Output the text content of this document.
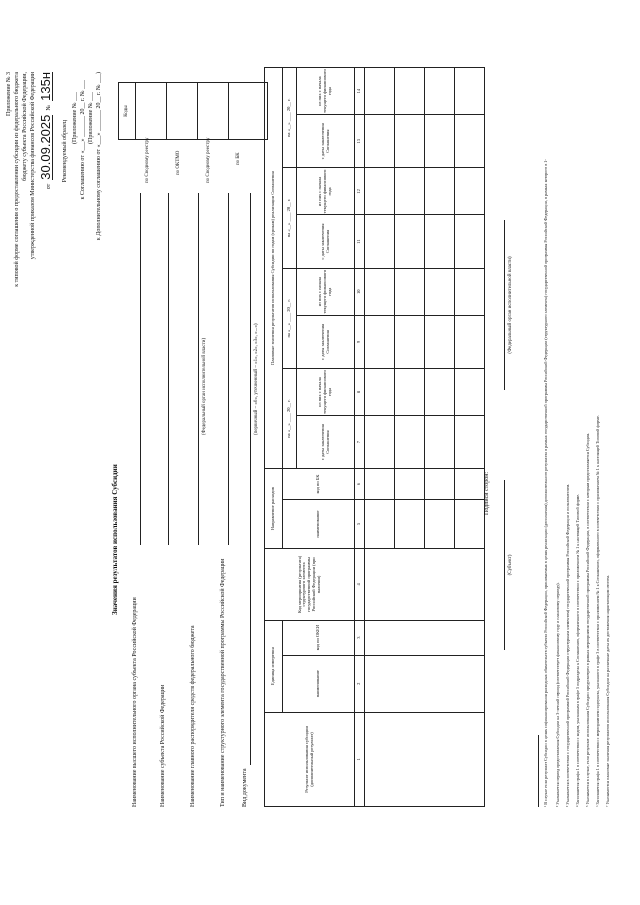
Приложение № 3 к типовой форме соглашения о предоставлении субсидии из федерального бюджета бюджету субъекта Российской Федерации, утвержденной приказом Министерства финансов Российской Федерации от
30.09.2025
№
135н
Рекомендуемый образец
(Приложение № ___ к Соглашению от «___» _______ 20__ г. № ___ (Приложение № ___ к Дополнительному соглашению от «___» _______ 20__ г. № ___)
Значения результатов использования Субсидии
Коды
по Сводному реестру	по ОКТМО	по Сводному реестру	по БК
Наименование высшего исполнительного органа субъекта Российской Федерации	Наименование субъекта Российской Федерации	Наименование главного распорядителя средств федерального бюджета
(Федеральный орган исполнительной власти)
Тип и наименование структурного элемента государственной программы Российской Федерации	Вид документа
(первичный – «0», уточненный – «1», «2», «3», «...»)
Результат использования субсидии (дополнительный результат)	Единица измерения		Код мероприятия (результата) структурного элемента государственной программы Российской Федерации (при наличии)	Направление расходов		Плановые значения результатов использования Субсидии по годам (срокам) реализации Соглашения							
	наименование	код по ОКЕИ		наименование	код по БК	на «__» ____ 20__ г.		на «__» ____ 20__ г.		на «__» ____ 20__ г.		на «__» ____ 20__ г.	
						с даты заключения Соглашения	из них с начала текущего финансового года	с даты заключения Соглашения	из них с начала текущего финансового года	с даты заключения Соглашения	из них с начала текущего финансового года	с даты заключения Соглашения	из них с начала текущего финансового года
1	2	3	4	5	6	7	8	9	10	11	12	13	14

Подписи сторон:
(Субъект)
(Федеральный орган исполнительной власти)	¹ В случае если результат Субсидии в целях софинансирования расходных обязательств субъекта Российской Федерации, принимаемых в целях реализации (дополнения) дополнительного результата в рамках государственной программы Российской Федерации (структурного элемента) государственной программы Российской Федерации, в рамках которого в 1- ³ Указывается период предоставления Субсидии на 3-летний период (соответствует финансовому году и плановому периоду). ³ Указывается в соответствии с государственной программой Российской Федерации структурным элементом) государственной программы Российской Федерации и пользователем. ⁴ Заполняется графа 1 в соответствии с кодом, указанным в графе 5 подраздела к Соглашению, оформленного в соответствии с приложением № 1 к настоящей Типовой форме. ⁵ Указывается в случае, если результат использования Субсидии предусмотрен в рамках мероприятия государственной программы Российской Федерации, в соответствии с которым предоставляется Субсидия. ⁶ Заполняется графа 1 в соответствии с мероприятием подпункта, указанного в графе 3 в соответствии с приложением № 1 к Соглашению, оформленного в соответствии с приложением № 1 к настоящей Типовой форме. ⁷ Указываются плановые значения результатов использования Субсидии на различные даты их достижения нарастающим итогом.
